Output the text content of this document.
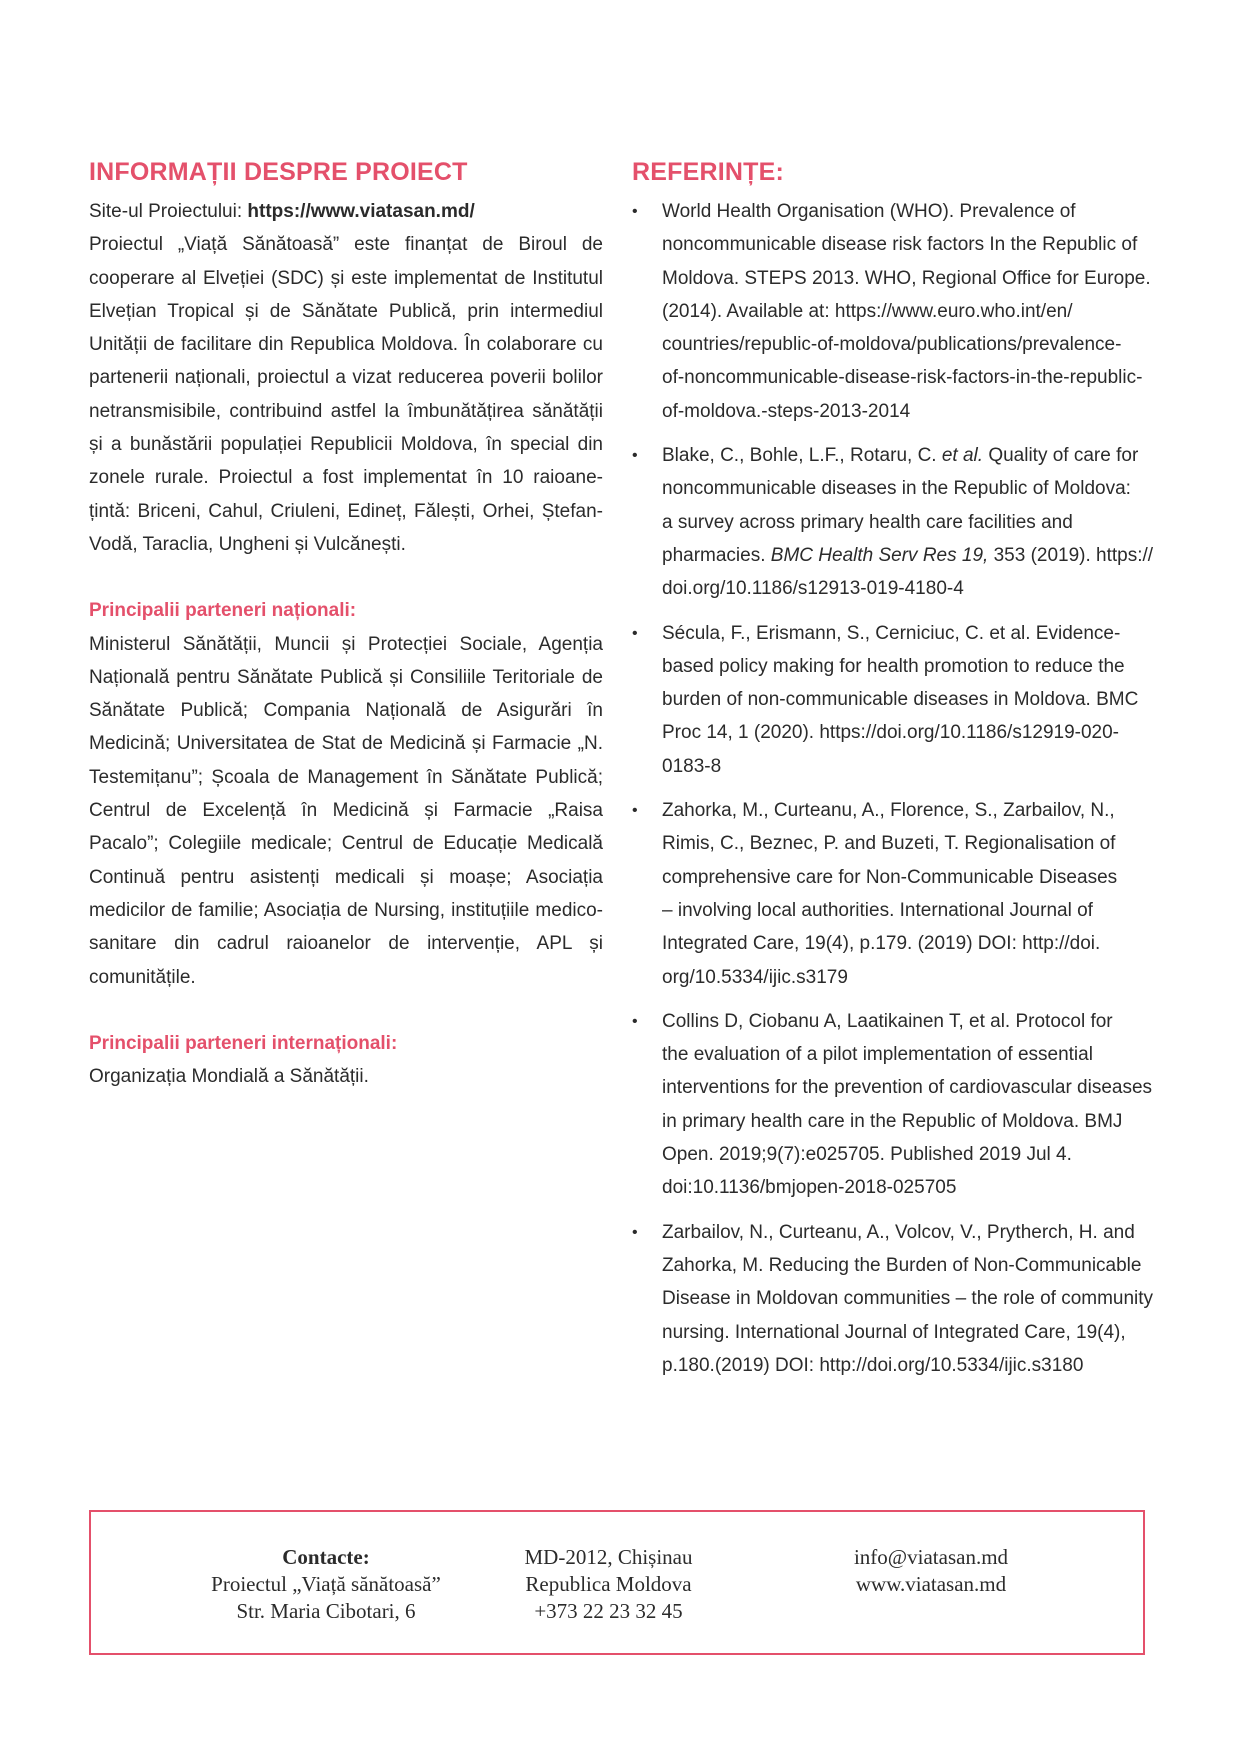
INFORMAȚII DESPRE PROIECT

Site-ul Proiectului: https://www.viatasan.md/

Proiectul „Viață Sănătoasă” este finanțat de Biroul de cooperare al Elveției (SDC) și este implementat de Institutul Elvețian Tropical și de Sănătate Publică, prin intermediul Unității de facilitare din Republica Moldova. În colaborare cu partenerii naționali, proiectul a vizat reducerea poverii bolilor netransmisibile, contribuind astfel la îmbunătățirea sănătății și a bunăstării populației Republicii Moldova, în special din zonele rurale. Proiectul a fost implementat în 10 raioane-țintă: Briceni, Cahul, Criuleni, Edineț, Fălești, Orhei, Ștefan-Vodă, Taraclia, Ungheni și Vulcănești.

Principalii parteneri naționali:

Ministerul Sănătății, Muncii și Protecției Sociale, Agenția Națională pentru Sănătate Publică și Consiliile Teritoriale de Sănătate Publică; Compania Națională de Asigurări în Medicină; Universitatea de Stat de Medicină și Farmacie „N. Testemițanu”; Școala de Management în Sănătate Publică; Centrul de Excelență în Medicină și Farmacie „Raisa Pacalo”; Colegiile medicale; Centrul de Educație Medicală Continuă pentru asistenți medicali și moașe; Asociația medicilor de familie; Asociația de Nursing, instituțiile medico-sanitare din cadrul raioanelor de intervenție, APL și comunitățile.

Principalii parteneri internaționali:

Organizația Mondială a Sănătății.

REFERINȚE:
• World Health Organisation (WHO). Prevalence of
noncommunicable disease risk factors In the Republic of
Moldova. STEPS 2013. WHO, Regional Office for Europe.
(2014). Available at: https://www.euro.who.int/en/
countries/republic-of-moldova/publications/prevalence-
of-noncommunicable-disease-risk-factors-in-the-republic-
of-moldova.-steps-2013-2014
• Blake, C., Bohle, L.F., Rotaru, C. et al. Quality of care for
noncommunicable diseases in the Republic of Moldova:
a survey across primary health care facilities and
pharmacies. BMC Health Serv Res 19, 353 (2019). https://
doi.org/10.1186/s12913-019-4180-4
• Sécula, F., Erismann, S., Cerniciuc, C. et al. Evidence-
based policy making for health promotion to reduce the
burden of non-communicable diseases in Moldova. BMC
Proc 14, 1 (2020). https://doi.org/10.1186/s12919-020-
0183-8
• Zahorka, M., Curteanu, A., Florence, S., Zarbailov, N.,
Rimis, C., Beznec, P. and Buzeti, T. Regionalisation of
comprehensive care for Non-Communicable Diseases
– involving local authorities. International Journal of
Integrated Care, 19(4), p.179. (2019) DOI: http://doi.
org/10.5334/ijic.s3179
• Collins D, Ciobanu A, Laatikainen T, et al. Protocol for
the evaluation of a pilot implementation of essential
interventions for the prevention of cardiovascular diseases
in primary health care in the Republic of Moldova. BMJ
Open. 2019;9(7):e025705. Published 2019 Jul 4.
doi:10.1136/bmjopen-2018-025705
• Zarbailov, N., Curteanu, A., Volcov, V., Prytherch, H. and
Zahorka, M. Reducing the Burden of Non-Communicable
Disease in Moldovan communities – the role of community
nursing. International Journal of Integrated Care, 19(4),
p.180.(2019) DOI: http://doi.org/10.5334/ijic.s3180
Contacte:
Proiectul „Viață sănătoasă”
Str. Maria Cibotari, 6
MD-2012, Chișinau
Republica Moldova
+373 22 23 32 45
info@viatasan.md
www.viatasan.md
